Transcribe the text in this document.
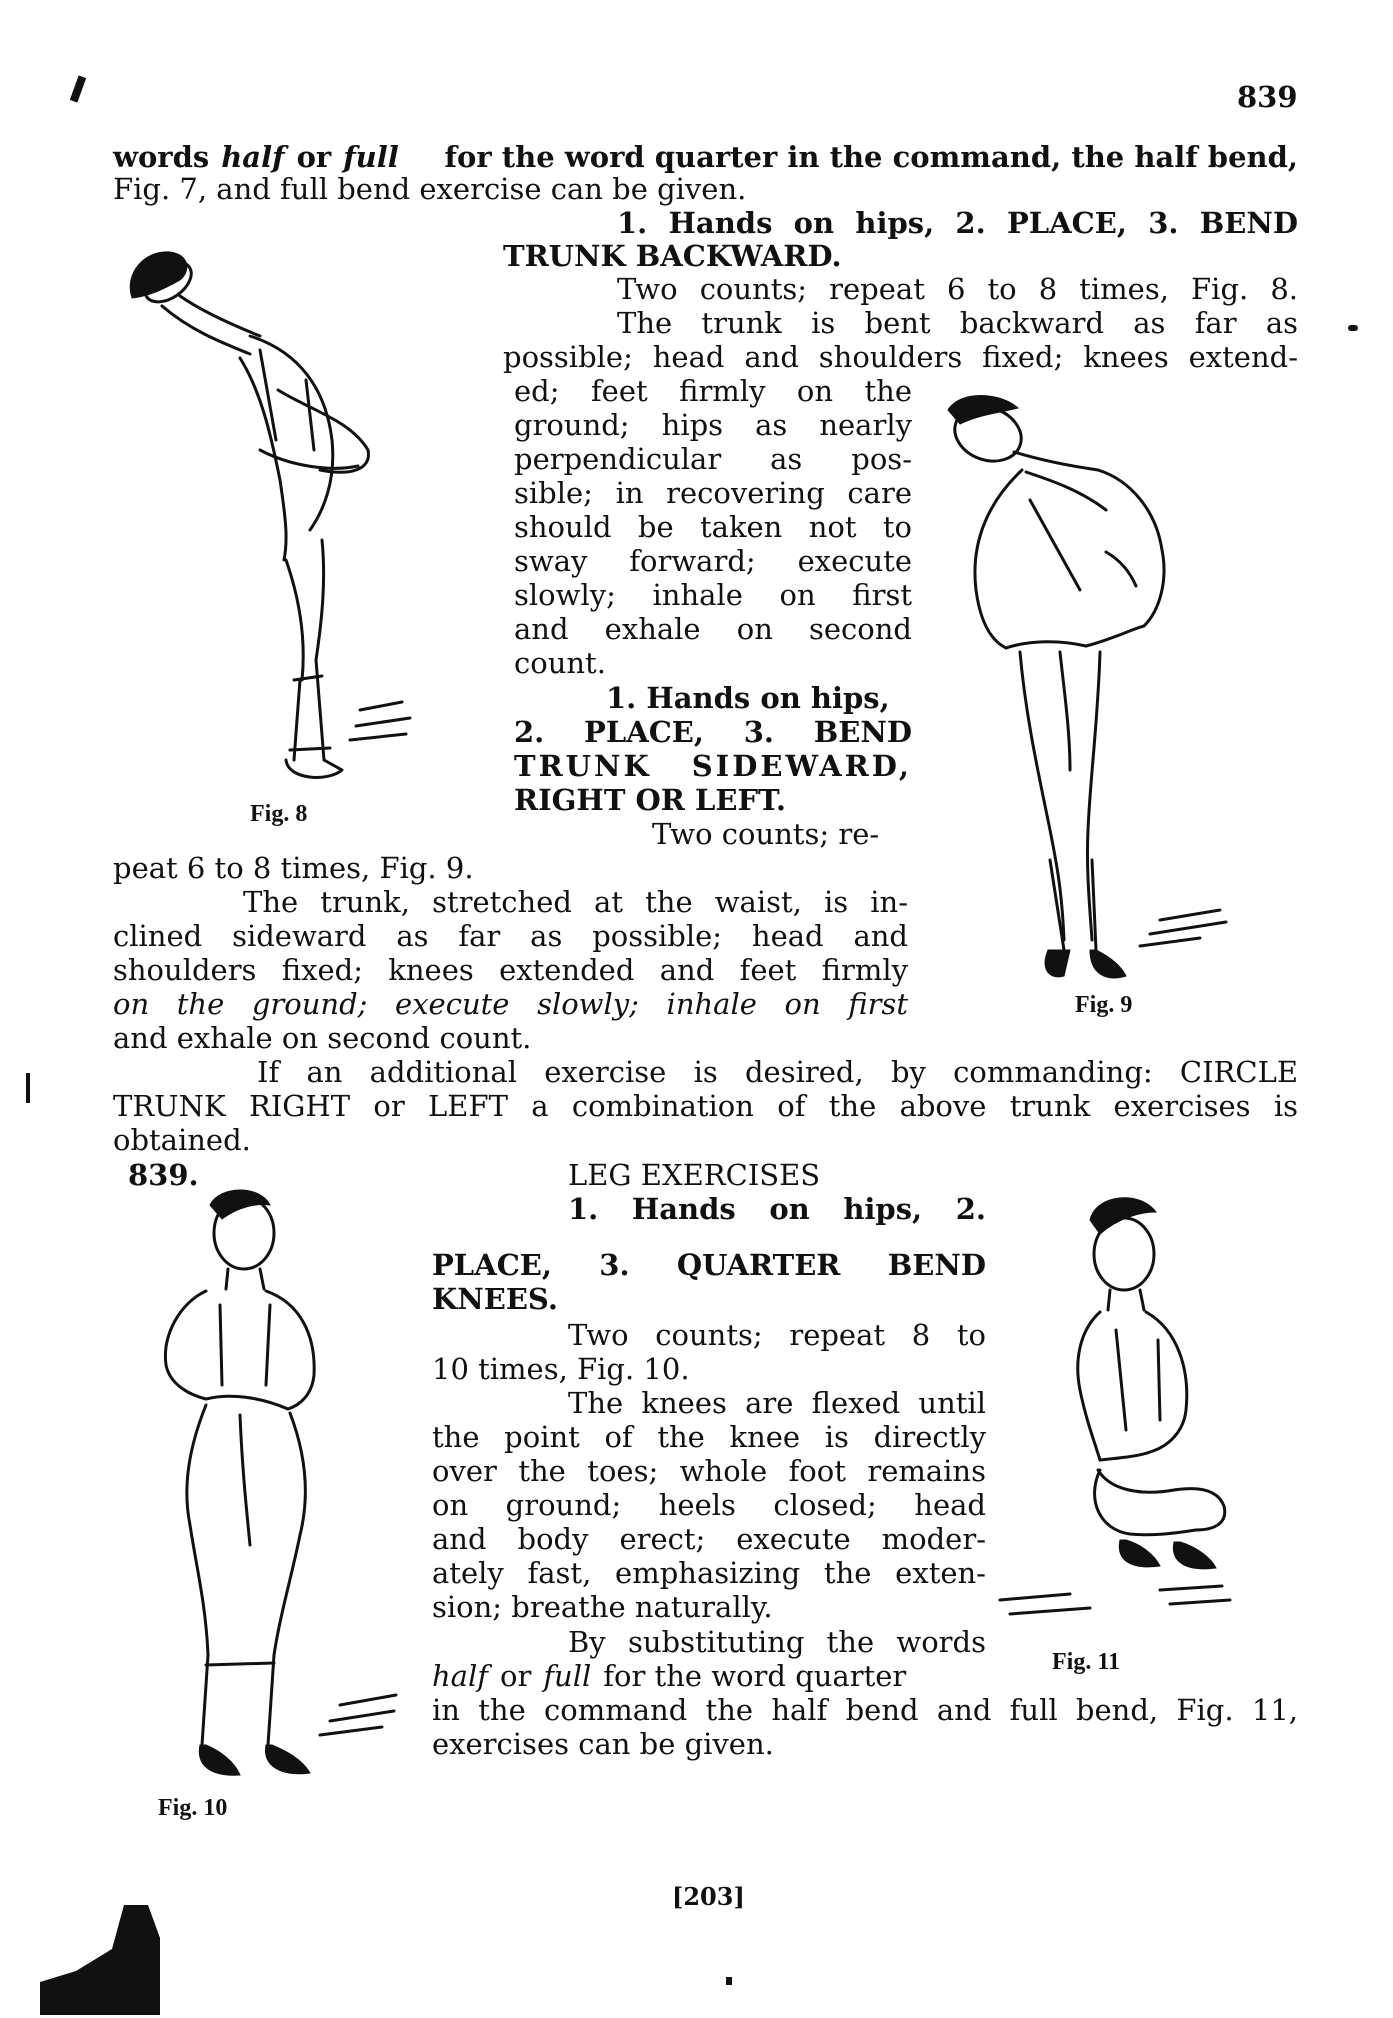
839
words half or full for the word quarter in the command, the half bend,
Fig. 7, and full bend exercise can be given.
1. Hands on hips, 2. PLACE, 3. BEND
TRUNK BACKWARD.
Two counts; repeat 6 to 8 times, Fig. 8.
The trunk is bent backward as far as
possible; head and shoulders fixed; knees extend-
ed; feet firmly on the
ground; hips as nearly
perpendicular as pos-
sible; in recovering care
should be taken not to
sway forward; execute
slowly; inhale on first
and exhale on second
count.
1. Hands on hips,
2. PLACE, 3. BEND
TRUNK SIDEWARD,
RIGHT OR LEFT.
Two counts; re-
peat 6 to 8 times, Fig. 9.
The trunk, stretched at the waist, is in-
clined sideward as far as possible; head and
shoulders fixed; knees extended and feet firmly
on the ground; execute slowly; inhale on first
and exhale on second count.
If an additional exercise is desired, by commanding: CIRCLE
TRUNK RIGHT or LEFT a combination of the above trunk exercises is
obtained.
839.	LEG EXERCISES
1. Hands on hips, 2.
PLACE, 3. QUARTER BEND
KNEES.
Two counts; repeat 8 to
10 times, Fig. 10.
The knees are flexed until
the point of the knee is directly
over the toes; whole foot remains
on ground; heels closed; head
and body erect; execute moder-
ately fast, emphasizing the exten-
sion; breathe naturally.
By substituting the words
half or full for the word quarter
in the command the half bend and full bend, Fig. 11,
exercises can be given.
[203]
Fig. 8
Fig. 9
Fig. 10
Fig. 11
